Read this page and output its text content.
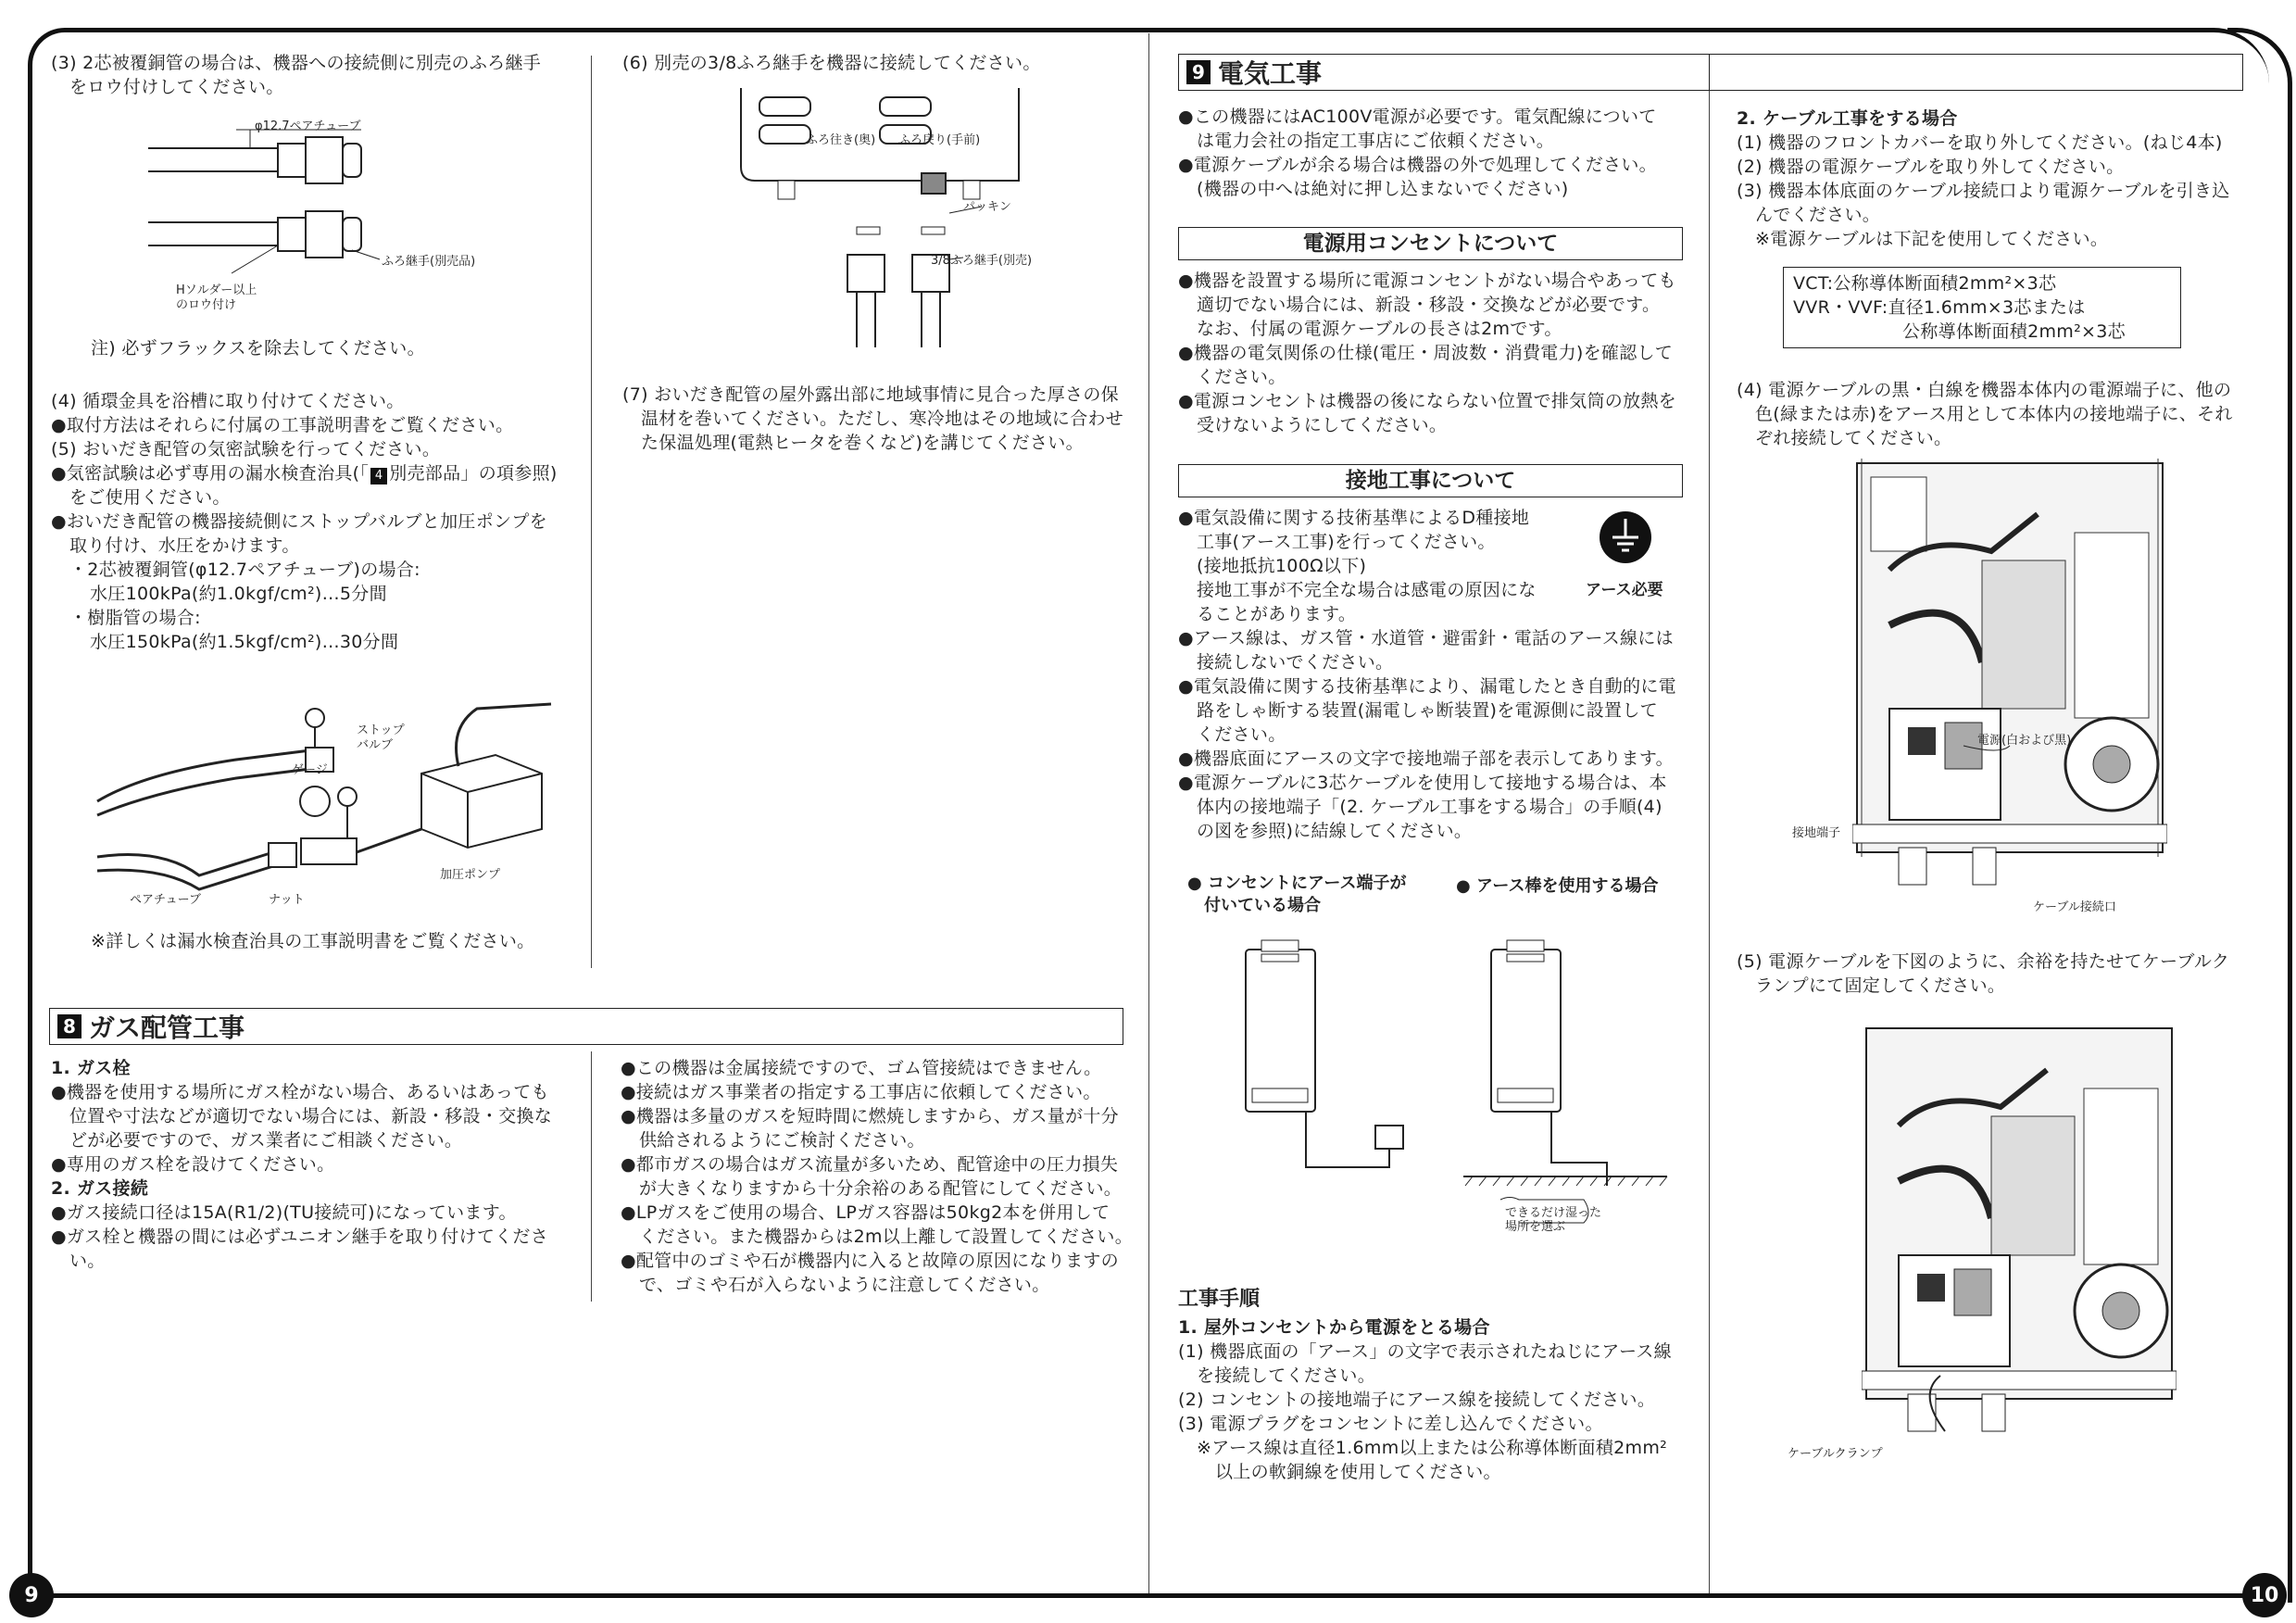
9	10

(3) 2芯被覆銅管の場合は、機器への接続側に別売のふろ継手

をロウ付けしてください。

φ12.7ペアチューブ
ふろ継手(別売品)
Hソルダー以上
のロウ付け
注) 必ずフラックスを除去してください。

(4) 循環金具を浴槽に取り付けてください。

●取付方法はそれらに付属の工事説明書をご覧ください。

(5) おいだき配管の気密試験を行ってください。

●気密試験は必ず専用の漏水検査治具(「 4 別売部品」の項参照)

をご使用ください。

●おいだき配管の機器接続側にストップバルブと加圧ポンプを

取り付け、水圧をかけます。

・2芯被覆銅管(φ12.7ペアチューブ)の場合:

水圧100kPa(約1.0kgf/cm²)…5分間

・樹脂管の場合:

水圧150kPa(約1.5kgf/cm²)…30分間

ストップ
バルブ
ゲージ
加圧ポンプ
ペアチューブ	ナット
※詳しくは漏水検査治具の工事説明書をご覧ください。
(6) 別売の3/8ふろ継手を機器に接続してください。
ふろ往き(奥) ふろ戻り(手前)
パッキン
3/8ふろ継手(別売)

(7) おいだき配管の屋外露出部に地域事情に見合った厚さの保

温材を巻いてください。ただし、寒冷地はその地域に合わせ

た保温処理(電熱ヒータを巻くなど)を講じてください。

8 ガス配管工事

1. ガス栓

●機器を使用する場所にガス栓がない場合、あるいはあっても

位置や寸法などが適切でない場合には、新設・移設・交換な

どが必要ですので、ガス業者にご相談ください。

●専用のガス栓を設けてください。

2. ガス接続

●ガス接続口径は15A(R1/2)(TU接続可)になっています。

●ガス栓と機器の間には必ずユニオン継手を取り付けてくださ

い。

●この機器は金属接続ですので、ゴム管接続はできません。

●接続はガス事業者の指定する工事店に依頼してください。

●機器は多量のガスを短時間に燃焼しますから、ガス量が十分

供給されるようにご検討ください。

●都市ガスの場合はガス流量が多いため、配管途中の圧力損失

が大きくなりますから十分余裕のある配管にしてください。

●LPガスをご使用の場合、LPガス容器は50kg2本を併用して

ください。また機器からは2m以上離して設置してください。

●配管中のゴミや石が機器内に入ると故障の原因になりますの

で、ゴミや石が入らないように注意してください。

9 電気工事

●この機器にはAC100V電源が必要です。電気配線について

は電力会社の指定工事店にご依頼ください。

●電源ケーブルが余る場合は機器の外で処理してください。

(機器の中へは絶対に押し込まないでください)

電源用コンセントについて

●機器を設置する場所に電源コンセントがない場合やあっても

適切でない場合には、新設・移設・交換などが必要です。

なお、付属の電源ケーブルの長さは2mです。

●機器の電気関係の仕様(電圧・周波数・消費電力)を確認して

ください。

●電源コンセントは機器の後にならない位置で排気筒の放熱を

受けないようにしてください。

接地工事について

●電気設備に関する技術基準によるD種接地

工事(アース工事)を行ってください。

(接地抵抗100Ω以下)

接地工事が不完全な場合は感電の原因にな

ることがあります。

アース必要

●アース線は、ガス管・水道管・避雷針・電話のアース線には

接続しないでください。

●電気設備に関する技術基準により、漏電したとき自動的に電

路をしゃ断する装置(漏電しゃ断装置)を電源側に設置して

ください。

●機器底面にアースの文字で接地端子部を表示してあります。

●電源ケーブルに3芯ケーブルを使用して接地する場合は、本

体内の接地端子「(2. ケーブル工事をする場合」の手順(4)

の図を参照)に結線してください。

● コンセントにアース端子が

付いている場合

● アース棒を使用する場合
できるだけ湿った
場所を選ぶ
工事手順

1. 屋外コンセントから電源をとる場合

(1) 機器底面の「アース」の文字で表示されたねじにアース線

を接続してください。

(2) コンセントの接地端子にアース線を接続してください。

(3) 電源プラグをコンセントに差し込んでください。

※アース線は直径1.6mm以上または公称導体断面積2mm²

以上の軟銅線を使用してください。

2. ケーブル工事をする場合

(1) 機器のフロントカバーを取り外してください。(ねじ4本)

(2) 機器の電源ケーブルを取り外してください。

(3) 機器本体底面のケーブル接続口より電源ケーブルを引き込

んでください。

※電源ケーブルは下記を使用してください。

VCT:公称導体断面積2mm²×3芯

VVR・VVF:直径1.6mm×3芯または

公称導体断面積2mm²×3芯

(4) 電源ケーブルの黒・白線を機器本体内の電源端子に、他の

色(緑または赤)をアース用として本体内の接地端子に、それ

ぞれ接続してください。

電源(白および黒)
接地端子
ケーブル接続口

(5) 電源ケーブルを下図のように、余裕を持たせてケーブルク

ランプにて固定してください。

ケーブルクランプ
